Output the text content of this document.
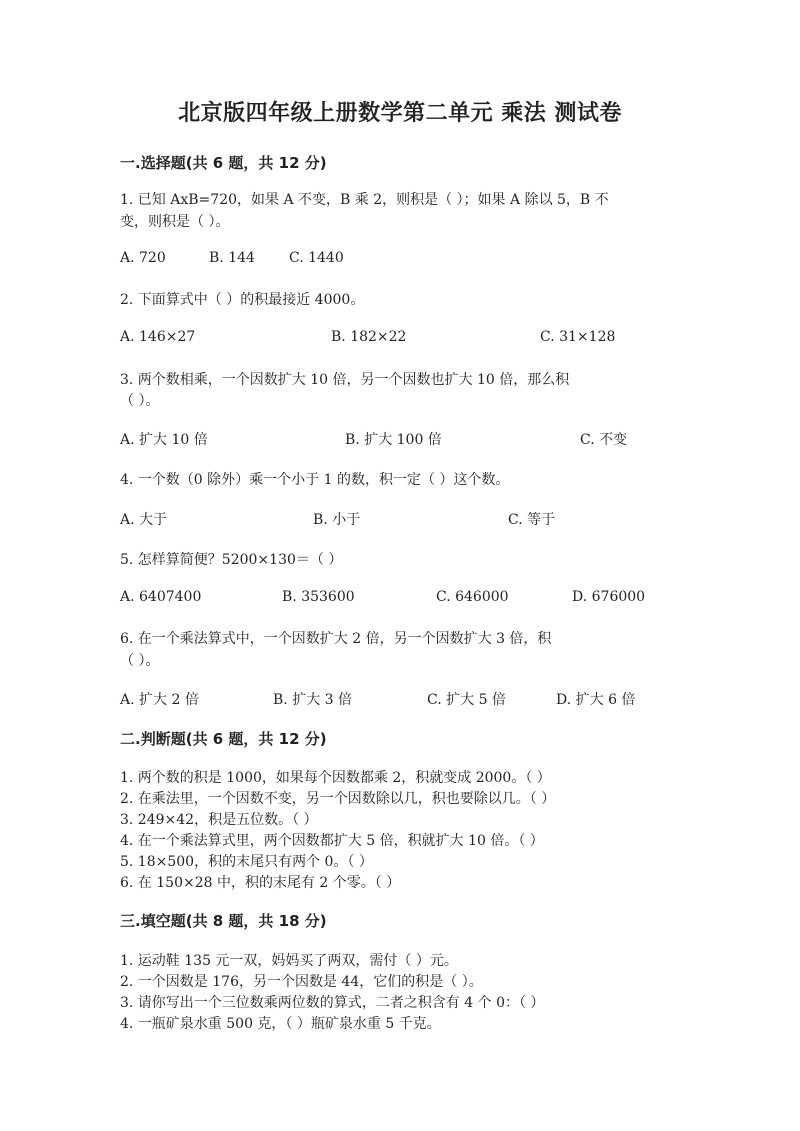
北京版四年级上册数学第二单元 乘法 测试卷
一.选择题(共 6 题，共 12 分)
1. 已知 AxB=720，如果 A 不变，B 乘 2，则积是（ ）；如果 A 除以 5，B 不
变，则积是（ ）。
A. 720	B. 144 C. 1440
2. 下面算式中（ ）的积最接近 4000。
A. 146×27	B. 182×22	C. 31×128
3. 两个数相乘，一个因数扩大 10 倍，另一个因数也扩大 10 倍，那么积
（ ）。
A. 扩大 10 倍	B. 扩大 100 倍	C. 不变
4. 一个数（0 除外）乘一个小于 1 的数，积一定（ ）这个数。
A. 大于	B. 小于	C. 等于
5. 怎样算简便？5200×130＝（ ）
A. 6407400	B. 353600	C. 646000	D. 676000
6. 在一个乘法算式中，一个因数扩大 2 倍，另一个因数扩大 3 倍，积
（ ）。
A. 扩大 2 倍	B. 扩大 3 倍	C. 扩大 5 倍	D. 扩大 6 倍
二.判断题(共 6 题，共 12 分)
1. 两个数的积是 1000，如果每个因数都乘 2，积就变成 2000。（ ）
2. 在乘法里，一个因数不变，另一个因数除以几，积也要除以几。（ ）
3. 249×42，积是五位数。（ ）
4. 在一个乘法算式里，两个因数都扩大 5 倍，积就扩大 10 倍。（ ）
5. 18×500，积的末尾只有两个 0。（ ）
6. 在 150×28 中，积的末尾有 2 个零。（ ）
三.填空题(共 8 题，共 18 分)
1. 运动鞋 135 元一双，妈妈买了两双，需付（ ）元。
2. 一个因数是 176，另一个因数是 44，它们的积是（ ）。
3. 请你写出一个三位数乘两位数的算式，二者之积含有 4 个 0：（ ）
4. 一瓶矿泉水重 500 克，（ ）瓶矿泉水重 5 千克。
